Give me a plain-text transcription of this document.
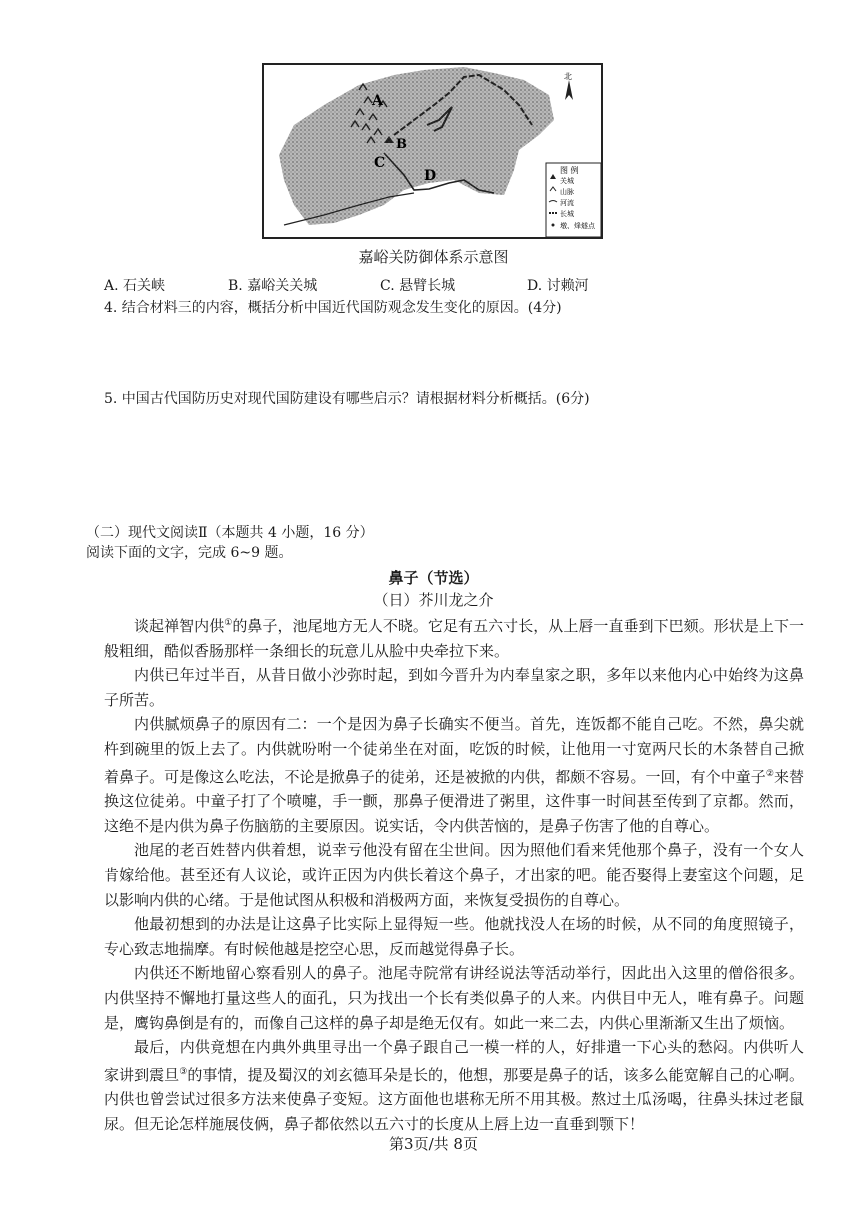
A
B
C
D
北
图 例
关城
山脉
河流
长城
墩、烽燧点
嘉峪关防御体系示意图
A. 石关峡	B. 嘉峪关关城	C. 悬臂长城	D. 讨赖河
4. 结合材料三的内容，概括分析中国近代国防观念发生变化的原因。(4分)
5. 中国古代国防历史对现代国防建设有哪些启示？请根据材料分析概括。(6分)
（二）现代文阅读Ⅱ（本题共 4 小题，16 分）
阅读下面的文字，完成 6~9 题。
鼻子（节选）
（日）芥川龙之介

谈起禅智内供①的鼻子，池尾地方无人不晓。它足有五六寸长，从上唇一直垂到下巴颏。形状是上下一般粗细，酷似香肠那样一条细长的玩意儿从脸中央牵拉下来。

内供已年过半百，从昔日做小沙弥时起，到如今晋升为内奉皇家之职，多年以来他内心中始终为这鼻子所苦。

内供腻烦鼻子的原因有二：一个是因为鼻子长确实不便当。首先，连饭都不能自己吃。不然，鼻尖就杵到碗里的饭上去了。内供就吩咐一个徒弟坐在对面，吃饭的时候，让他用一寸宽两尺长的木条替自己掀着鼻子。可是像这么吃法，不论是掀鼻子的徒弟，还是被掀的内供，都颇不容易。一回，有个中童子②来替换这位徒弟。中童子打了个喷嚏，手一颤，那鼻子便滑进了粥里，这件事一时间甚至传到了京都。然而，这绝不是内供为鼻子伤脑筋的主要原因。说实话，令内供苦恼的，是鼻子伤害了他的自尊心。

池尾的老百姓替内供着想，说幸亏他没有留在尘世间。因为照他们看来凭他那个鼻子，没有一个女人肯嫁给他。甚至还有人议论，或许正因为内供长着这个鼻子，才出家的吧。能否娶得上妻室这个问题，足以影响内供的心绪。于是他试图从积极和消极两方面，来恢复受损伤的自尊心。

他最初想到的办法是让这鼻子比实际上显得短一些。他就找没人在场的时候，从不同的角度照镜子，专心致志地揣摩。有时候他越是挖空心思，反而越觉得鼻子长。

内供还不断地留心察看别人的鼻子。池尾寺院常有讲经说法等活动举行，因此出入这里的僧俗很多。内供坚持不懈地打量这些人的面孔，只为找出一个长有类似鼻子的人来。内供目中无人，唯有鼻子。问题是，鹰钩鼻倒是有的，而像自己这样的鼻子却是绝无仅有。如此一来二去，内供心里渐渐又生出了烦恼。

最后，内供竟想在内典外典里寻出一个鼻子跟自己一模一样的人，好排遣一下心头的愁闷。内供听人家讲到震旦③的事情，提及蜀汉的刘玄德耳朵是长的，他想，那要是鼻子的话，该多么能宽解自己的心啊。内供也曾尝试过很多方法来使鼻子变短。这方面他也堪称无所不用其极。熬过土瓜汤喝，往鼻头抹过老鼠尿。但无论怎样施展伎俩，鼻子都依然以五六寸的长度从上唇上边一直垂到颚下！

第3页/共 8页
